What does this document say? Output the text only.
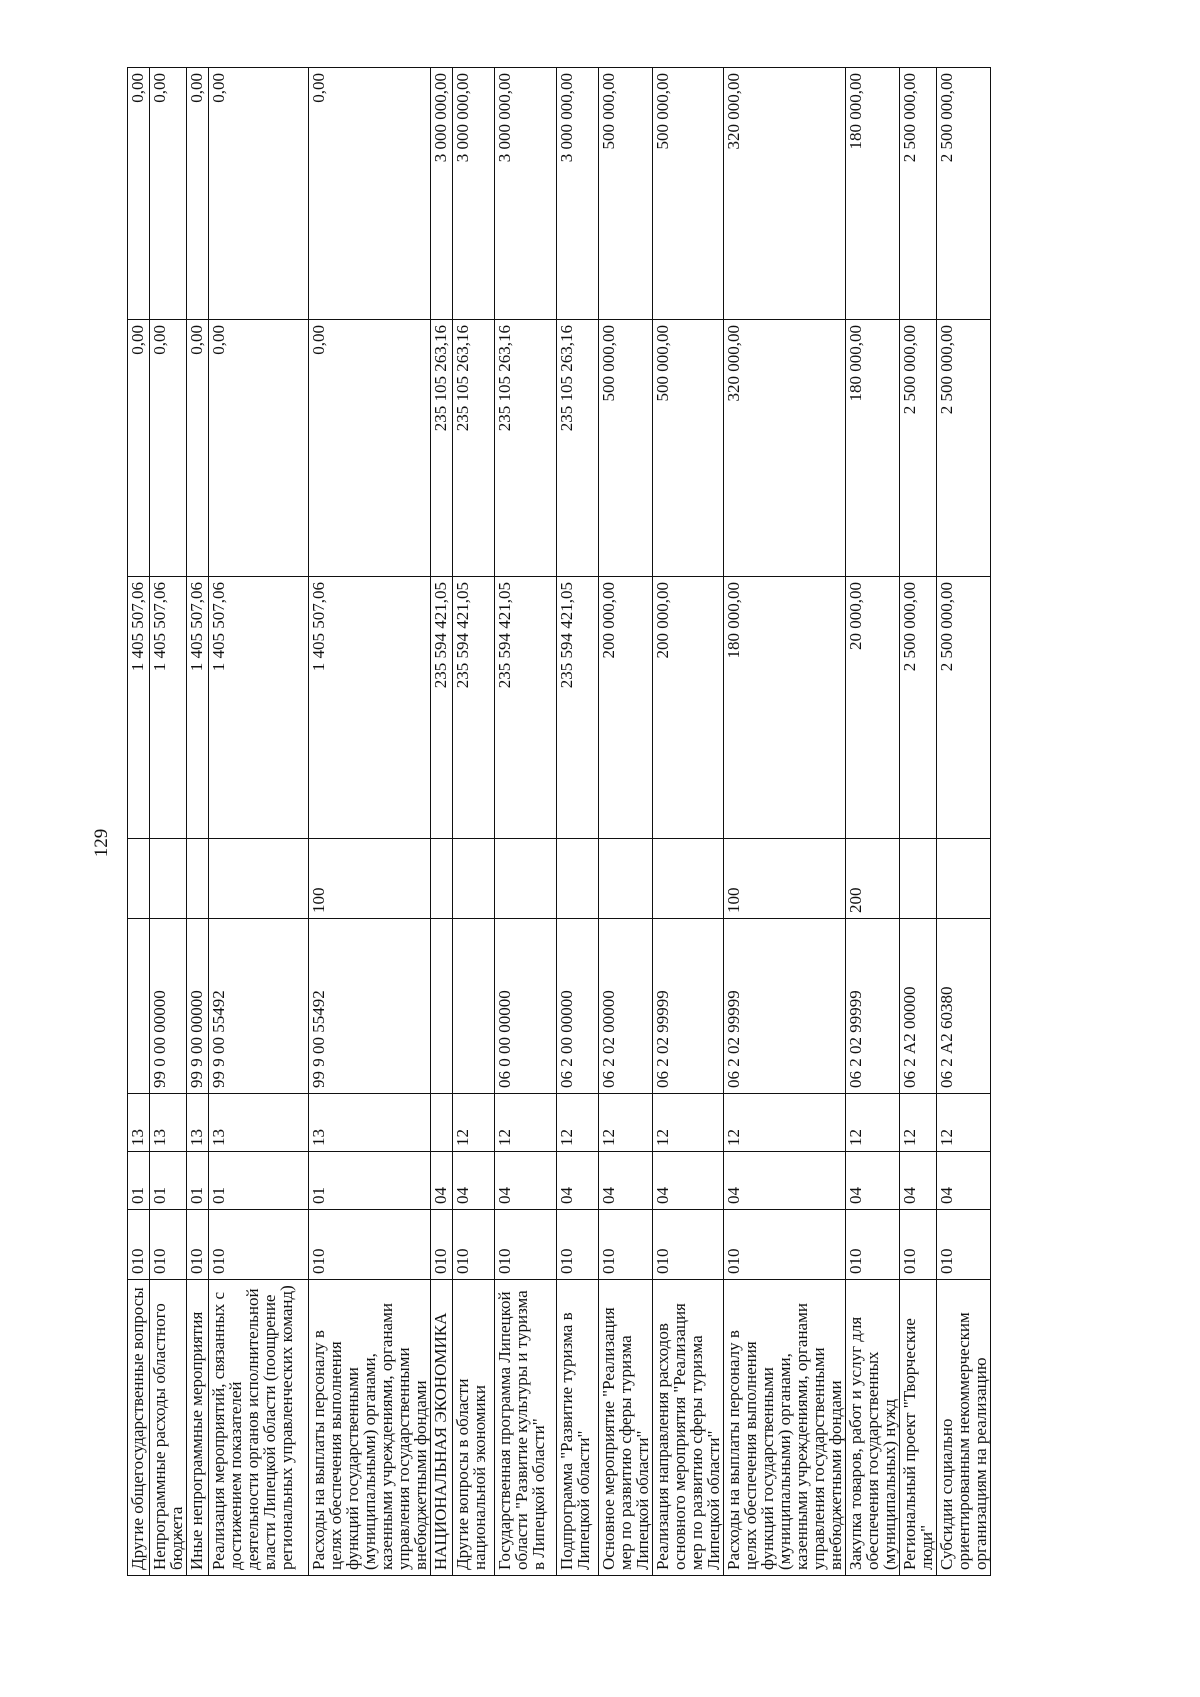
129
Другие общегосударственные вопросы	010	01	13			1 405 507,06	0,00	0,00
Непрограммные расходы областного бюджета	010	01	13	99 0 00 00000		1 405 507,06	0,00	0,00
Иные непрограммные мероприятия	010	01	13	99 9 00 00000		1 405 507,06	0,00	0,00
Реализация мероприятий, связанных с достижением показателей деятельности органов исполнительной власти Липецкой области (поощрение региональных управленческих команд)	010	01	13	99 9 00 55492		1 405 507,06	0,00	0,00
Расходы на выплаты персоналу в целях обеспечения выполнения функций государственными (муниципальными) органами, казенными учреждениями, органами управления государственными внебюджетными фондами	010	01	13	99 9 00 55492	100	1 405 507,06	0,00	0,00
НАЦИОНАЛЬНАЯ ЭКОНОМИКА	010	04				235 594 421,05	235 105 263,16	3 000 000,00
Другие вопросы в области национальной экономики	010	04	12			235 594 421,05	235 105 263,16	3 000 000,00
Государственная программа Липецкой области "Развитие культуры и туризма в Липецкой области"	010	04	12	06 0 00 00000		235 594 421,05	235 105 263,16	3 000 000,00
Подпрограмма "Развитие туризма в Липецкой области"	010	04	12	06 2 00 00000		235 594 421,05	235 105 263,16	3 000 000,00
Основное мероприятие "Реализация мер по развитию сферы туризма Липецкой области"	010	04	12	06 2 02 00000		200 000,00	500 000,00	500 000,00
Реализация направления расходов основного мероприятия "Реализация мер по развитию сферы туризма Липецкой области"	010	04	12	06 2 02 99999		200 000,00	500 000,00	500 000,00
Расходы на выплаты персоналу в целях обеспечения выполнения функций государственными (муниципальными) органами, казенными учреждениями, органами управления государственными внебюджетными фондами	010	04	12	06 2 02 99999	100	180 000,00	320 000,00	320 000,00
Закупка товаров, работ и услуг для обеспечения государственных (муниципальных) нужд	010	04	12	06 2 02 99999	200	20 000,00	180 000,00	180 000,00
Региональный проект "Творческие люди"	010	04	12	06 2 А2 00000		2 500 000,00	2 500 000,00	2 500 000,00
Субсидии социально ориентированным некоммерческим организациям на реализацию	010	04	12	06 2 А2 60380		2 500 000,00	2 500 000,00	2 500 000,00
